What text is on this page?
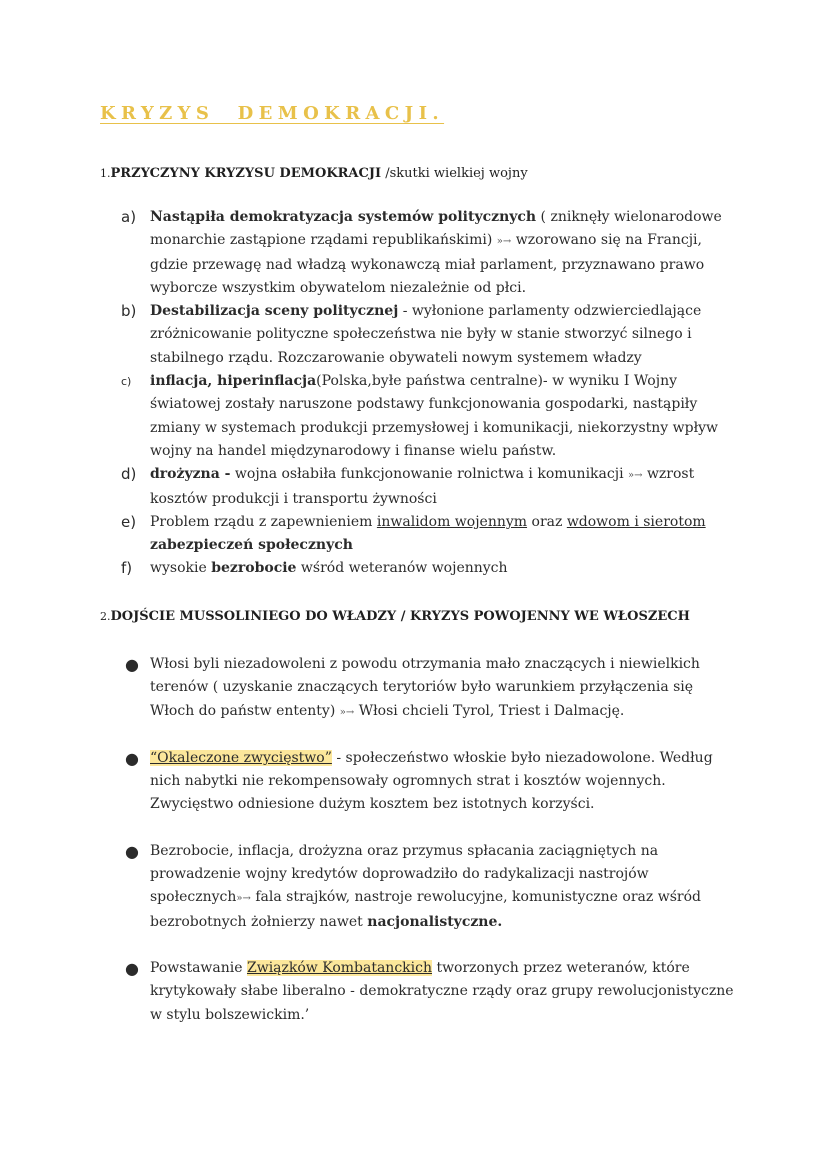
KRYZYS  DEMOKRACJI.
1.PRZYCZYNY KRYZYSU DEMOKRACJI /skutki wielkiej wojny
a) Nastąpiła demokratyzacja systemów politycznych ( zniknęły wielonarodowe monarchie zastąpione rządami republikańskimi) »→ wzorowano się na Francji, gdzie przewagę nad władzą wykonawczą miał parlament, przyznawano prawo wyborcze wszystkim obywatelom niezależnie od płci.
b) Destabilizacja sceny politycznej - wyłonione parlamenty odzwierciedlające zróżnicowanie polityczne społeczeństwa nie były w stanie stworzyć silnego i stabilnego rządu. Rozczarowanie obywateli nowym systemem władzy
c) inflacja, hiperinflacja(Polska,byłe państwa centralne)- w wyniku I Wojny światowej zostały naruszone podstawy funkcjonowania gospodarki, nastąpiły zmiany w systemach produkcji przemysłowej i komunikacji, niekorzystny wpływ wojny na handel międzynarodowy i finanse wielu państw.
d) drożyzna - wojna osłabiła funkcjonowanie rolnictwa i komunikacji »→ wzrost kosztów produkcji i transportu żywności
e) Problem rządu z zapewnieniem inwalidom wojennym oraz wdowom i sierotom zabezpieczeń społecznych
f) wysokie bezrobocie wśród weteranów wojennych
2.DOJŚCIE MUSSOLINIEGO DO WŁADZY / KRYZYS POWOJENNY WE WŁOSZECH
● Włosi byli niezadowoleni z powodu otrzymania mało znaczących i niewielkich terenów ( uzyskanie znaczących terytoriów było warunkiem przyłączenia się Włoch do państw ententy) »→ Włosi chcieli Tyrol, Triest i Dalmację.
● “Okaleczone zwycięstwo” - społeczeństwo włoskie było niezadowolone. Według nich nabytki nie rekompensowały ogromnych strat i kosztów wojennych. Zwycięstwo odniesione dużym kosztem bez istotnych korzyści.
● Bezrobocie, inflacja, drożyzna oraz przymus spłacania zaciągniętych na prowadzenie wojny kredytów doprowadziło do radykalizacji nastrojów społecznych»→ fala strajków, nastroje rewolucyjne, komunistyczne oraz wśród bezrobotnych żołnierzy nawet nacjonalistyczne.
● Powstawanie Związków Kombatanckich tworzonych przez weteranów, które krytykowały słabe liberalno - demokratyczne rządy oraz grupy rewolucjonistyczne w stylu bolszewickim.’
